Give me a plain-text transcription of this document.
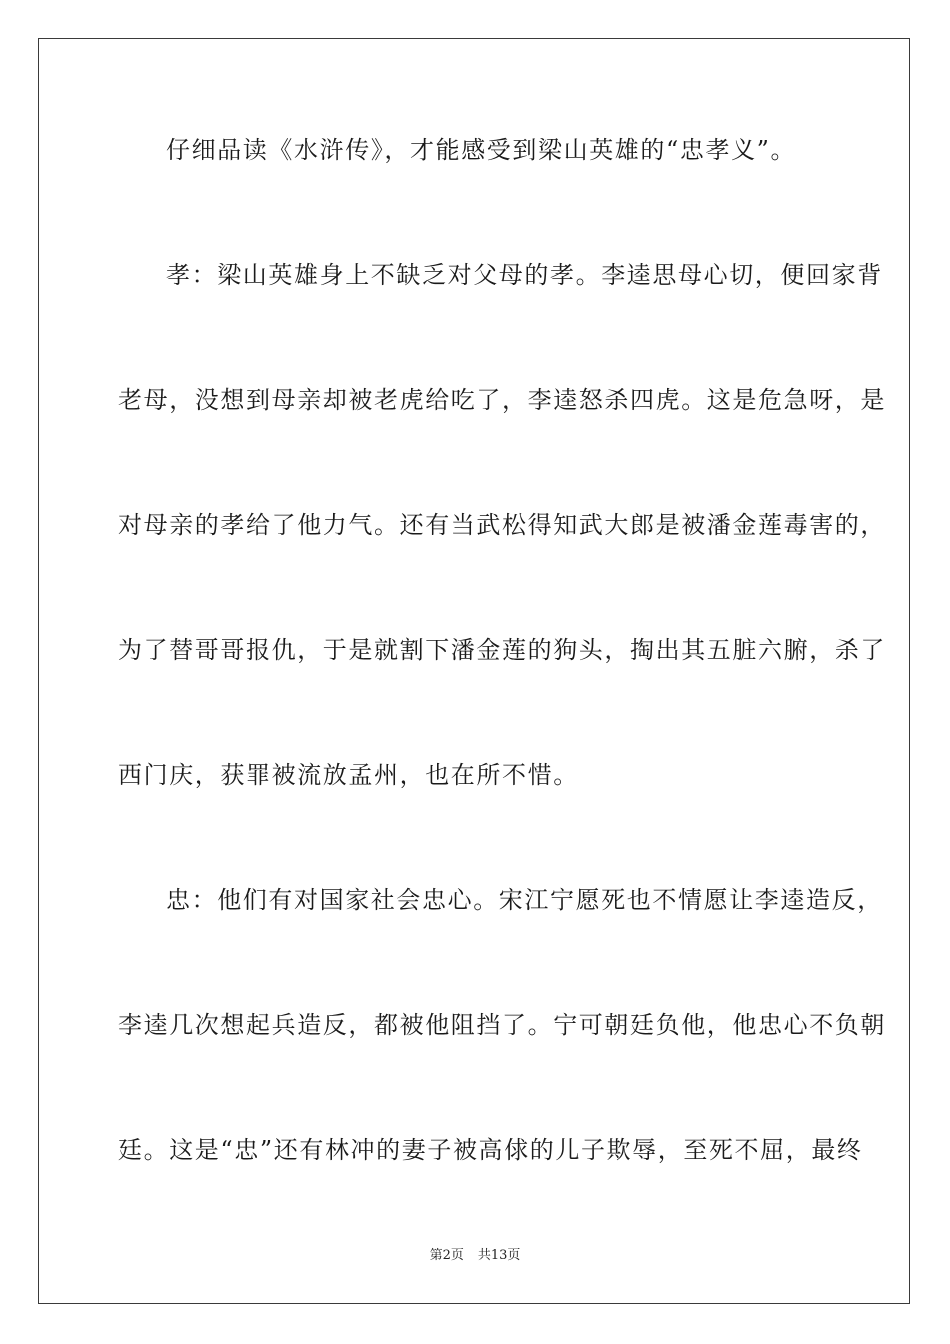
仔细品读《水浒传》，才能感受到梁山英雄的“忠孝义”。
孝：梁山英雄身上不缺乏对父母的孝。李逵思母心切，便回家背
老母，没想到母亲却被老虎给吃了，李逵怒杀四虎。这是危急呀，是
对母亲的孝给了他力气。还有当武松得知武大郎是被潘金莲毒害的，
为了替哥哥报仇，于是就割下潘金莲的狗头，掏出其五脏六腑，杀了
西门庆，获罪被流放孟州，也在所不惜。
忠：他们有对国家社会忠心。宋江宁愿死也不情愿让李逵造反，
李逵几次想起兵造反，都被他阻挡了。宁可朝廷负他，他忠心不负朝
廷。这是“忠”还有林冲的妻子被高俅的儿子欺辱，至死不屈，最终
第2页 共13页
